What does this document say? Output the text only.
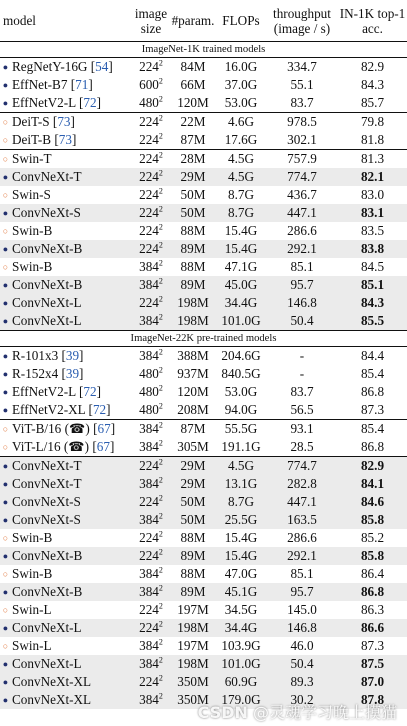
model	image size	#param.	FLOPs	throughput (image / s)	IN-1K top-1 acc.
ImageNet-1K trained models					
● RegNetY-16G [54]	$224^2$	84M	16.0G	334.7	82.9
● EffNet-B7 [71]	$600^2$	66M	37.0G	55.1	84.3
● EffNetV2-L [72]	$480^2$	120M	53.0G	83.7	85.7
○ DeiT-S [73]	$224^2$	22M	4.6G	978.5	79.8
○ DeiT-B [73]	$224^2$	87M	17.6G	302.1	81.8
○ Swin-T	$224^2$	28M	4.5G	757.9	81.3
● ConvNeXt-T	$224^2$	29M	4.5G	774.7	82.1
○ Swin-S	$224^2$	50M	8.7G	436.7	83.0
● ConvNeXt-S	$224^2$	50M	8.7G	447.1	83.1
○ Swin-B	$224^2$	88M	15.4G	286.6	83.5
● ConvNeXt-B	$224^2$	89M	15.4G	292.1	83.8
○ Swin-B	$384^2$	88M	47.1G	85.1	84.5
● ConvNeXt-B	$384^2$	89M	45.0G	95.7	85.1
● ConvNeXt-L	$224^2$	198M	34.4G	146.8	84.3
● ConvNeXt-L	$384^2$	198M	101.0G	50.4	85.5
ImageNet-22K pre-trained models					
● R-101x3 [39]	$384^2$	388M	204.6G	-	84.4
● R-152x4 [39]	$480^2$	937M	840.5G	-	85.4
● EffNetV2-L [72]	$480^2$	120M	53.0G	83.7	86.8
● EffNetV2-XL [72]	$480^2$	208M	94.0G	56.5	87.3
○ ViT-B/16 (☎) [67]	$384^2$	87M	55.5G	93.1	85.4
○ ViT-L/16 (☎) [67]	$384^2$	305M	191.1G	28.5	86.8
● ConvNeXt-T	$224^2$	29M	4.5G	774.7	82.9
● ConvNeXt-T	$384^2$	29M	13.1G	282.8	84.1
● ConvNeXt-S	$224^2$	50M	8.7G	447.1	84.6
● ConvNeXt-S	$384^2$	50M	25.5G	163.5	85.8
○ Swin-B	$224^2$	88M	15.4G	286.6	85.2
● ConvNeXt-B	$224^2$	89M	15.4G	292.1	85.8
○ Swin-B	$384^2$	88M	47.0G	85.1	86.4
● ConvNeXt-B	$384^2$	89M	45.1G	95.7	86.8
○ Swin-L	$224^2$	197M	34.5G	145.0	86.3
● ConvNeXt-L	$224^2$	198M	34.4G	146.8	86.6
○ Swin-L	$384^2$	197M	103.9G	46.0	87.3
● ConvNeXt-L	$384^2$	198M	101.0G	50.4	87.5
● ConvNeXt-XL	$224^2$	350M	60.9G	89.3	87.0
● ConvNeXt-XL	$384^2$	350M	179.0G	30.2	87.8
CSDN @灵魂学习晚上摸猫
